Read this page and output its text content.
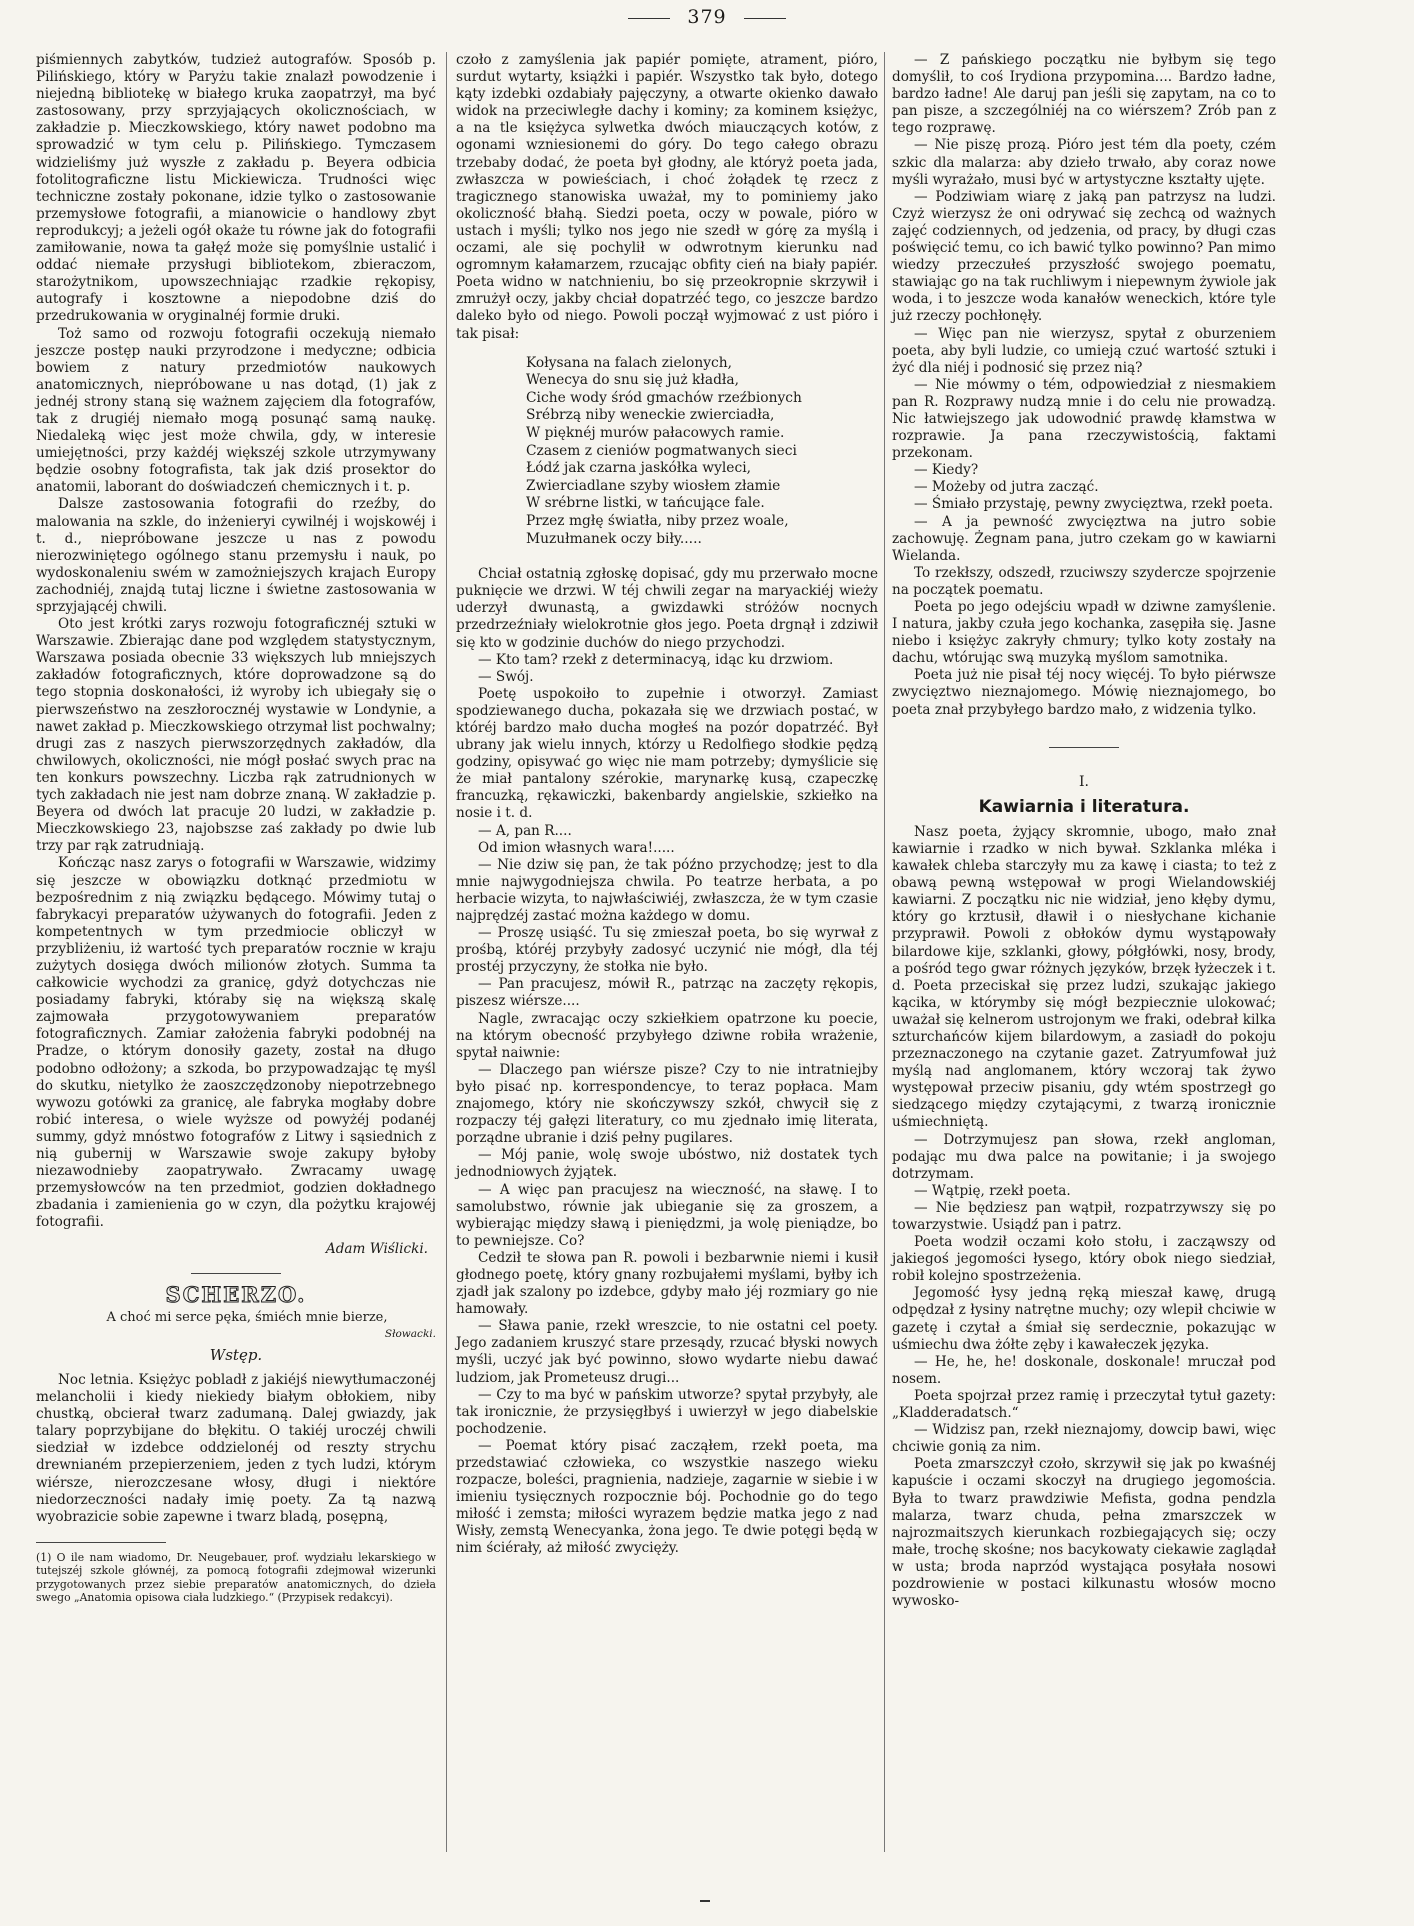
379

piśmiennych zabytków, tudzież autografów. Sposób p. Pilińskiego, który w Paryżu takie znalazł powodzenie i niejedną bibliotekę w białego kruka zaopatrzył, ma być zastosowany, przy sprzyjających okolicznościach, w zakładzie p. Mieczkowskiego, który nawet podobno ma sprowadzić w tym celu p. Pilińskiego. Tymczasem widzieliśmy już wyszłe z zakładu p. Beyera odbicia fotolitograficzne listu Mickiewicza. Trudności więc techniczne zostały pokonane, idzie tylko o zastosowanie przemysłowe fotografii, a mianowicie o handlowy zbyt reprodukcyj; a jeżeli ogół okaże tu równe jak do fotografii zamiłowanie, nowa ta gałęź może się pomyślnie ustalić i oddać niemałe przysługi bibliotekom, zbieraczom, starożytnikom, upowszechniając rzadkie rękopisy, autografy i kosztowne a niepodobne dziś do przedrukowania w oryginalnéj formie druki.

Toż samo od rozwoju fotografii oczekują niemało jeszcze postęp nauki przyrodzone i medyczne; odbicia bowiem z natury przedmiotów naukowych anatomicznych, niepróbowane u nas dotąd, (1) jak z jednéj strony staną się ważnem zajęciem dla fotografów, tak z drugiéj niemało mogą posunąć samą naukę. Niedaleką więc jest może chwila, gdy, w interesie umiejętności, przy każdéj większéj szkole utrzymywany będzie osobny fotografista, tak jak dziś prosektor do anatomii, laborant do doświadczeń chemicznych i t. p.

Dalsze zastosowania fotografii do rzeźby, do malowania na szkle, do inżenieryi cywilnéj i wojskowéj i t. d., niepróbowane jeszcze u nas z powodu nierozwiniętego ogólnego stanu przemysłu i nauk, po wydoskonaleniu swém w zamożniejszych krajach Europy zachodniéj, znajdą tutaj liczne i świetne zastosowania w sprzyjającéj chwili.

Oto jest krótki zarys rozwoju fotograficznéj sztuki w Warszawie. Zbierając dane pod względem statystycznym, Warszawa posiada obecnie 33 większych lub mniejszych zakładów fotograficznych, które doprowadzone są do tego stopnia doskonałości, iż wyroby ich ubiegały się o pierwszeństwo na zeszłorocznéj wystawie w Londynie, a nawet zakład p. Mieczkowskiego otrzymał list pochwalny; drugi zas z naszych pierwszorzędnych zakładów, dla chwilowych, okoliczności, nie mógł posłać swych prac na ten konkurs powszechny. Liczba rąk zatrudnionych w tych zakładach nie jest nam dobrze znaną. W zakładzie p. Beyera od dwóch lat pracuje 20 ludzi, w zakładzie p. Mieczkowskiego 23, najobszse zaś zakłady po dwie lub trzy par rąk zatrudniają.

Kończąc nasz zarys o fotografii w Warszawie, widzimy się jeszcze w obowiązku dotknąć przedmiotu w bezpośrednim z nią związku będącego. Mówimy tutaj o fabrykacyi preparatów używanych do fotografii. Jeden z kompetentnych w tym przedmiocie obliczył w przybliżeniu, iż wartość tych preparatów rocznie w kraju zużytych dosięga dwóch milionów złotych. Summa ta całkowicie wychodzi za granicę, gdyż dotychczas nie posiadamy fabryki, któraby się na większą skalę zajmowała przygotowywaniem preparatów fotograficznych. Zamiar założenia fabryki podobnéj na Pradze, o którym donosiły gazety, został na długo podobno odłożony; a szkoda, bo przypowadzając tę myśl do skutku, nietylko że zaoszczędzonoby niepotrzebnego wywozu gotówki za granicę, ale fabryka mogłaby dobre robić interesa, o wiele wyższe od powyżéj podanéj summy, gdyż mnóstwo fotografów z Litwy i sąsiednich z nią gubernij w Warszawie swoje zakupy byłoby niezawodnieby zaopatrywało. Zwracamy uwagę przemysłowców na ten przedmiot, godzien dokładnego zbadania i zamienienia go w czyn, dla pożytku krajowéj fotografii.

Adam Wiślicki.

SCHERZO.

A choć mi serce pęka, śmiéch mnie bierze,

Słowacki.

Wstęp.

Noc letnia. Księżyc pobladł z jakiéjś niewytłumaczonéj melancholii i kiedy niekiedy białym obłokiem, niby chustką, obcierał twarz zadumaną. Dalej gwiazdy, jak talary poprzybijane do błękitu. O takiéj uroczéj chwili siedział w izdebce oddzielonéj od reszty strychu drewnianém przepierzeniem, jeden z tych ludzi, którym wiérsze, nierozczesane włosy, długi i niektóre niedorzeczności nadały imię poety. Za tą nazwą wyobrazicie sobie zapewne i twarz bladą, posępną,

(1) O ile nam wiadomo, Dr. Neugebauer, prof. wydziału lekarskiego w tutejszéj szkole głównéj, za pomocą fotografii zdejmował wizerunki przygotowanych przez siebie preparatów anatomicznych, do dzieła swego „Anatomia opisowa ciała ludzkiego.“ (Przypisek redakcyi).

czoło z zamyślenia jak papiér pomięte, atrament, pióro, surdut wytarty, książki i papiér. Wszystko tak było, dotego kąty izdebki ozdabiały pajęczyny, a otwarte okienko dawało widok na przeciwległe dachy i kominy; za kominem księżyc, a na tle księżyca sylwetka dwóch miauczących kotów, z ogonami wzniesionemi do góry. Do tego całego obrazu trzebaby dodać, że poeta był głodny, ale któryż poeta jada, zwłaszcza w powieściach, i choć żołądek tę rzecz z tragicznego stanowiska uważał, my to pominiemy jako okoliczność błahą. Siedzi poeta, oczy w powale, pióro w ustach i myśli; tylko nos jego nie szedł w górę za myślą i oczami, ale się pochylił w odwrotnym kierunku nad ogromnym kałamarzem, rzucając obfity cień na biały papiér. Poeta widno w natchnieniu, bo się przeokropnie skrzywił i zmrużył oczy, jakby chciał dopatrzéć tego, co jeszcze bardzo daleko było od niego. Powoli począł wyjmować z ust pióro i tak pisał:

Kołysana na falach zielonych,
Wenecya do snu się już kładła,
Ciche wody śród gmachów rzeźbionych
Srébrzą niby weneckie zwierciadła,
W pięknéj murów pałacowych ramie.
Czasem z cieniów pogmatwanych sieci
Łódź jak czarna jaskółka wyleci,
Zwierciadlane szyby wiosłem złamie
W srébrne listki, w tańcujące fale.
Przez mgłę światła, niby przez woale,
Muzułmanek oczy biły.....

Chciał ostatnią zgłoskę dopisać, gdy mu przerwało mocne puknięcie we drzwi. W téj chwili zegar na maryackiéj wieży uderzył dwunastą, a gwizdawki stróżów nocnych przedrzeźniały wielokrotnie głos jego. Poeta drgnął i zdziwił się kto w godzinie duchów do niego przychodzi.

— Kto tam? rzekł z determinacyą, idąc ku drzwiom.

— Swój.

Poetę uspokoiło to zupełnie i otworzył. Zamiast spodziewanego ducha, pokazała się we drzwiach postać, w któréj bardzo mało ducha mogłeś na pozór dopatrzéć. Był ubrany jak wielu innych, którzy u Redolfiego słodkie pędzą godziny, opisywać go więc nie mam potrzeby; dymyślicie się że miał pantalony szérokie, marynarkę kusą, czapeczkę francuzką, rękawiczki, bakenbardy angielskie, szkiełko na nosie i t. d.

— A, pan R....

Od imion własnych wara!.....

— Nie dziw się pan, że tak późno przychodzę; jest to dla mnie najwygodniejsza chwila. Po teatrze herbata, a po herbacie wizyta, to najwłaściwiéj, zwłaszcza, że w tym czasie najprędzéj zastać można każdego w domu.

— Proszę usiąść. Tu się zmieszał poeta, bo się wyrwał z prośbą, któréj przybyły zadosyć uczynić nie mógł, dla téj prostéj przyczyny, że stołka nie było.

— Pan pracujesz, mówił R., patrząc na zaczęty rękopis, piszesz wiérsze....

Nagle, zwracając oczy szkiełkiem opatrzone ku poecie, na którym obecność przybyłego dziwne robiła wrażenie, spytał naiwnie:

— Dlaczego pan wiérsze pisze? Czy to nie intratniejby było pisać np. korrespondencye, to teraz popłaca. Mam znajomego, który nie skończywszy szkół, chwycił się z rozpaczy téj gałęzi literatury, co mu zjednało imię literata, porządne ubranie i dziś pełny pugilares.

— Mój panie, wolę swoje ubóstwo, niż dostatek tych jednodniowych żyjątek.

— A więc pan pracujesz na wieczność, na sławę. I to samolubstwo, równie jak ubieganie się za groszem, a wybierając między sławą i pieniędzmi, ja wolę pieniądze, bo to pewniejsze. Co?

Cedził te słowa pan R. powoli i bezbarwnie niemi i kusił głodnego poetę, który gnany rozbujałemi myślami, byłby ich zjadł jak szalony po izdebce, gdyby mało jéj rozmiary go nie hamowały.

— Sława panie, rzekł wreszcie, to nie ostatni cel poety. Jego zadaniem kruszyć stare przesądy, rzucać błyski nowych myśli, uczyć jak być powinno, słowo wydarte niebu dawać ludziom, jak Prometeusz drugi...

— Czy to ma być w pańskim utworze? spytał przybyły, ale tak ironicznie, że przysięgłbyś i uwierzył w jego diabelskie pochodzenie.

— Poemat który pisać zacząłem, rzekł poeta, ma przedstawiać człowieka, co wszystkie naszego wieku rozpacze, boleści, pragnienia, nadzieje, zagarnie w siebie i w imieniu tysięcznych rozpocznie bój. Pochodnie go do tego miłość i zemsta; miłości wyrazem będzie matka jego z nad Wisły, zemstą Wenecyanka, żona jego. Te dwie potęgi będą w nim ściérały, aż miłość zwycięży.

— Z pańskiego początku nie byłbym się tego domyślił, to coś Irydiona przypomina.... Bardzo ładne, bardzo ładne! Ale daruj pan jeśli się zapytam, na co to pan pisze, a szczególniéj na co wiérszem? Zrób pan z tego rozprawę.

— Nie piszę prozą. Pióro jest tém dla poety, czém szkic dla malarza: aby dzieło trwało, aby coraz nowe myśli wyrażało, musi być w artystyczne kształty ujęte.

— Podziwiam wiarę z jaką pan patrzysz na ludzi. Czyż wierzysz że oni odrywać się zechcą od ważnych zajęć codziennych, od jedzenia, od pracy, by długi czas poświęcić temu, co ich bawić tylko powinno? Pan mimo wiedzy przeczułeś przyszłość swojego poematu, stawiając go na tak ruchliwym i niepewnym żywiole jak woda, i to jeszcze woda kanałów weneckich, które tyle już rzeczy pochłonęły.

— Więc pan nie wierzysz, spytał z oburzeniem poeta, aby byli ludzie, co umieją czuć wartość sztuki i żyć dla niéj i podnosić się przez nią?

— Nie mówmy o tém, odpowiedział z niesmakiem pan R. Rozprawy nudzą mnie i do celu nie prowadzą. Nic łatwiejszego jak udowodnić prawdę kłamstwa w rozprawie. Ja pana rzeczywistością, faktami przekonam.

— Kiedy?

— Możeby od jutra zacząć.

— Śmiało przystaję, pewny zwycięztwa, rzekł poeta.

— A ja pewność zwycięztwa na jutro sobie zachowuję. Żegnam pana, jutro czekam go w kawiarni Wielanda.

To rzekłszy, odszedł, rzuciwszy szydercze spojrzenie na początek poematu.

Poeta po jego odejściu wpadł w dziwne zamyślenie. I natura, jakby czuła jego kochanka, zasępiła się. Jasne niebo i księżyc zakryły chmury; tylko koty zostały na dachu, wtórując swą muzyką myślom samotnika.

Poeta już nie pisał téj nocy więcéj. To było piérwsze zwycięztwo nieznajomego. Mówię nieznajomego, bo poeta znał przybyłego bardzo mało, z widzenia tylko.

I.
Kawiarnia i literatura.

Nasz poeta, żyjący skromnie, ubogo, mało znał kawiarnie i rzadko w nich bywał. Szklanka mléka i kawałek chleba starczyły mu za kawę i ciasta; to też z obawą pewną wstępował w progi Wielandowskiéj kawiarni. Z początku nic nie widział, jeno kłęby dymu, który go krztusił, dławił i o niesłychane kichanie przyprawił. Powoli z obłoków dymu wystąpowały bilardowe kije, szklanki, głowy, półgłówki, nosy, brody, a pośród tego gwar różnych języków, brzęk łyżeczek i t. d. Poeta przeciskał się przez ludzi, szukając jakiego kącika, w którymby się mógł bezpiecznie ulokować; uważał się kelnerom ustrojonym we fraki, odebrał kilka szturchańców kijem bilardowym, a zasiadł do pokoju przeznaczonego na czytanie gazet. Zatryumfował już myślą nad anglomanem, który wczoraj tak żywo występował przeciw pisaniu, gdy wtém spostrzegł go siedzącego między czytającymi, z twarzą ironicznie uśmiechniętą.

— Dotrzymujesz pan słowa, rzekł angloman, podając mu dwa palce na powitanie; i ja swojego dotrzymam.

— Wątpię, rzekł poeta.

— Nie będziesz pan wątpił, rozpatrzywszy się po towarzystwie. Usiądź pan i patrz.

Poeta wodził oczami koło stołu, i zacząwszy od jakiegoś jegomości łysego, który obok niego siedział, robił kolejno spostrzeżenia.

Jegomość łysy jedną ręką mieszał kawę, drugą odpędzał z łysiny natrętne muchy; ozy wlepił chciwie w gazetę i czytał a śmiał się serdecznie, pokazując w uśmiechu dwa żółte zęby i kawałeczek języka.

— He, he, he! doskonale, doskonale! mruczał pod nosem.

Poeta spojrzał przez ramię i przeczytał tytuł gazety: „Kladderadatsch.“

— Widzisz pan, rzekł nieznajomy, dowcip bawi, więc chciwie gonią za nim.

Poeta zmarszczył czoło, skrzywił się jak po kwaśnéj kapuście i oczami skoczył na drugiego jegomościa. Była to twarz prawdziwie Mefista, godna pendzla malarza, twarz chuda, pełna zmarszczek w najrozmaitszych kierunkach rozbiegających się; oczy małe, trochę skośne; nos bacykowaty ciekawie zaglądał w usta; broda naprzód wystająca posyłała nosowi pozdrowienie w postaci kilkunastu włosów mocno wywosko-
